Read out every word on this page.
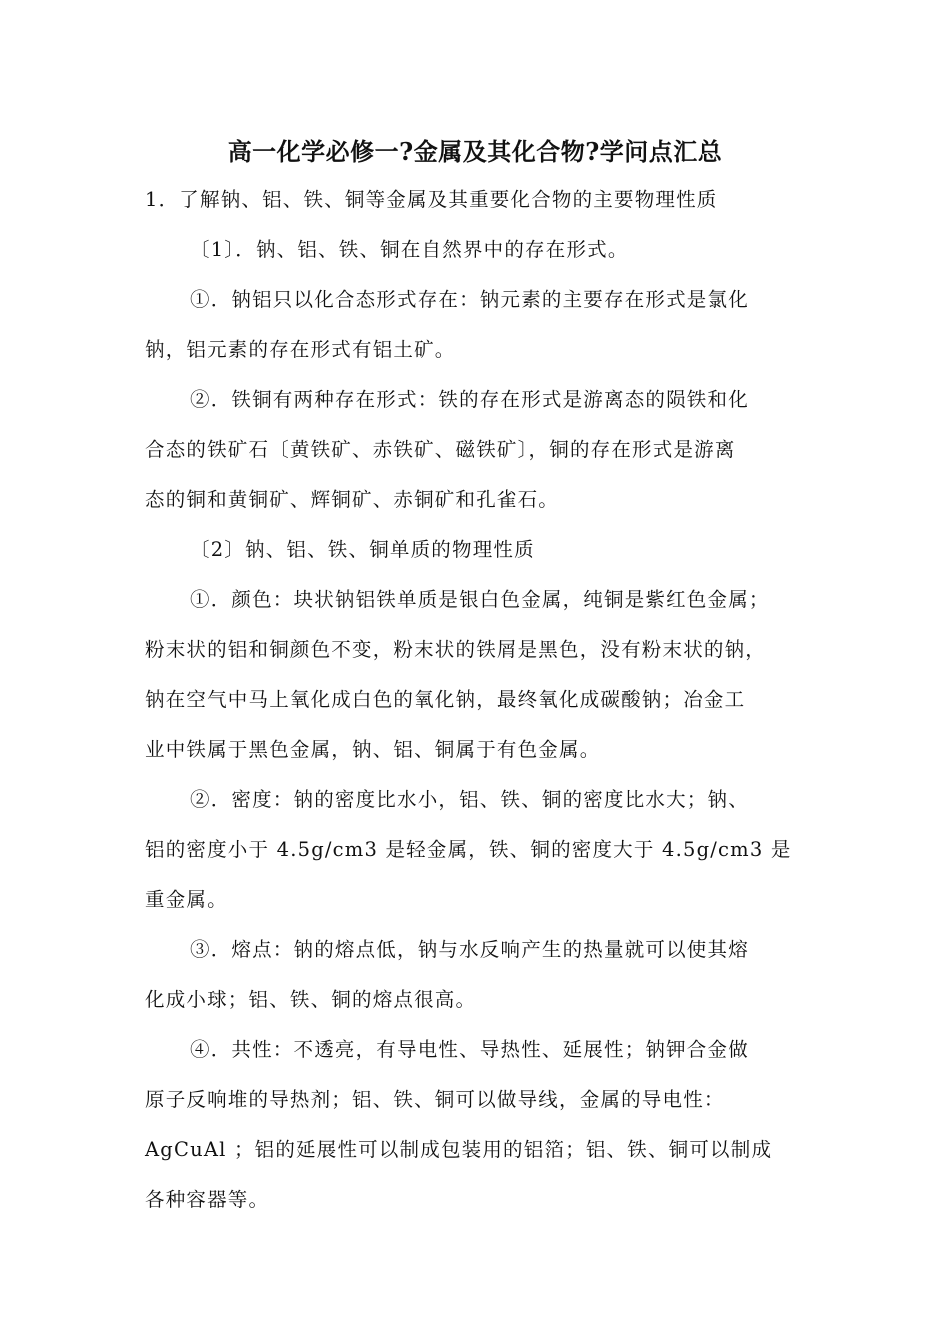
高一化学必修一?金属及其化合物?学问点汇总
1．了解钠、铝、铁、铜等金属及其重要化合物的主要物理性质
〔1〕．钠、铝、铁、铜在自然界中的存在形式。
①．钠铝只以化合态形式存在：钠元素的主要存在形式是氯化
钠，铝元素的存在形式有铝土矿。
②．铁铜有两种存在形式：铁的存在形式是游离态的陨铁和化
合态的铁矿石〔黄铁矿、赤铁矿、磁铁矿〕，铜的存在形式是游离
态的铜和黄铜矿、辉铜矿、赤铜矿和孔雀石。
〔2〕钠、铝、铁、铜单质的物理性质
①．颜色：块状钠铝铁单质是银白色金属，纯铜是紫红色金属；
粉末状的铝和铜颜色不变，粉末状的铁屑是黑色，没有粉末状的钠，
钠在空气中马上氧化成白色的氧化钠，最终氧化成碳酸钠；冶金工
业中铁属于黑色金属，钠、铝、铜属于有色金属。
②．密度：钠的密度比水小，铝、铁、铜的密度比水大；钠、
铝的密度小于 4.5g/cm3 是轻金属，铁、铜的密度大于 4.5g/cm3 是
重金属。
③．熔点：钠的熔点低，钠与水反响产生的热量就可以使其熔
化成小球；铝、铁、铜的熔点很高。
④．共性：不透亮，有导电性、导热性、延展性；钠钾合金做
原子反响堆的导热剂；铝、铁、铜可以做导线，金属的导电性：
AgCuAl ；铝的延展性可以制成包装用的铝箔；铝、铁、铜可以制成
各种容器等。
